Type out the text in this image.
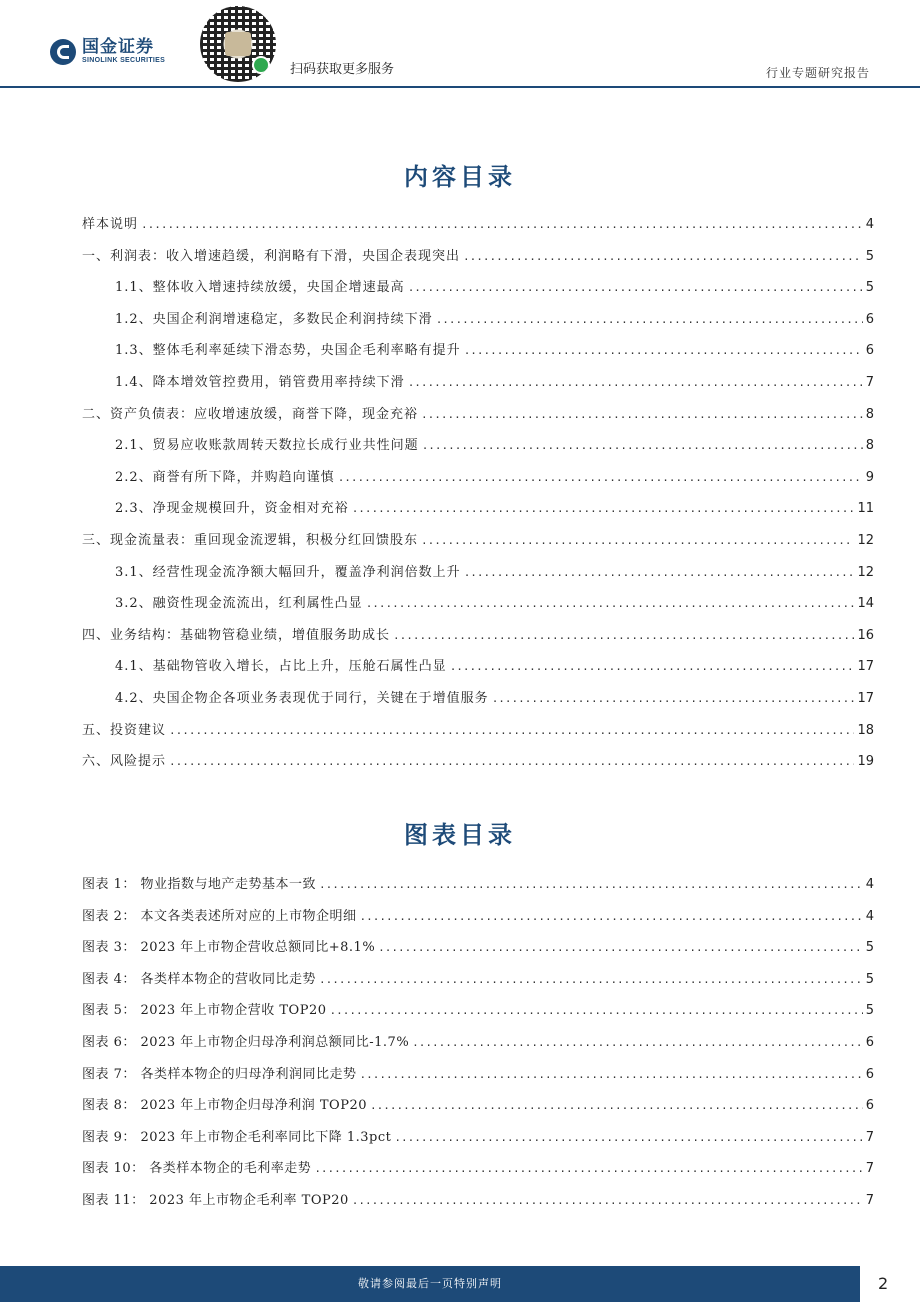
国金证券
SINOLINK SECURITIES
扫码获取更多服务	行业专题研究报告
内容目录
样本说明 .....	4
一、利润表：收入增速趋缓，利润略有下滑，央国企表现突出 .....	5
1.1、整体收入增速持续放缓，央国企增速最高 .....	5
1.2、央国企利润增速稳定，多数民企利润持续下滑 .....	6
1.3、整体毛利率延续下滑态势，央国企毛利率略有提升 .....	6
1.4、降本增效管控费用，销管费用率持续下滑 .....	7
二、资产负债表：应收增速放缓，商誉下降，现金充裕 .....	8
2.1、贸易应收账款周转天数拉长成行业共性问题 .....	8
2.2、商誉有所下降，并购趋向谨慎 .....	9
2.3、净现金规模回升，资金相对充裕 .....	11
三、现金流量表：重回现金流逻辑，积极分红回馈股东 .....	12
3.1、经营性现金流净额大幅回升，覆盖净利润倍数上升 .....	12
3.2、融资性现金流流出，红利属性凸显 .....	14
四、业务结构：基础物管稳业绩，增值服务助成长 .....	16
4.1、基础物管收入增长，占比上升，压舱石属性凸显 .....	17
4.2、央国企物企各项业务表现优于同行，关键在于增值服务 .....	17
五、投资建议 .....	18
六、风险提示 .....	19
图表目录
图表 1： 物业指数与地产走势基本一致 .....	4
图表 2： 本文各类表述所对应的上市物企明细 .....	4
图表 3： 2023 年上市物企营收总额同比+8.1% .....	5
图表 4： 各类样本物企的营收同比走势 .....	5
图表 5： 2023 年上市物企营收 TOP20 .....	5
图表 6： 2023 年上市物企归母净利润总额同比-1.7% .....	6
图表 7： 各类样本物企的归母净利润同比走势 .....	6
图表 8： 2023 年上市物企归母净利润 TOP20 .....	6
图表 9： 2023 年上市物企毛利率同比下降 1.3pct .....	7
图表 10： 各类样本物企的毛利率走势 .....	7
图表 11： 2023 年上市物企毛利率 TOP20 .....	7
敬请参阅最后一页特别声明	2
